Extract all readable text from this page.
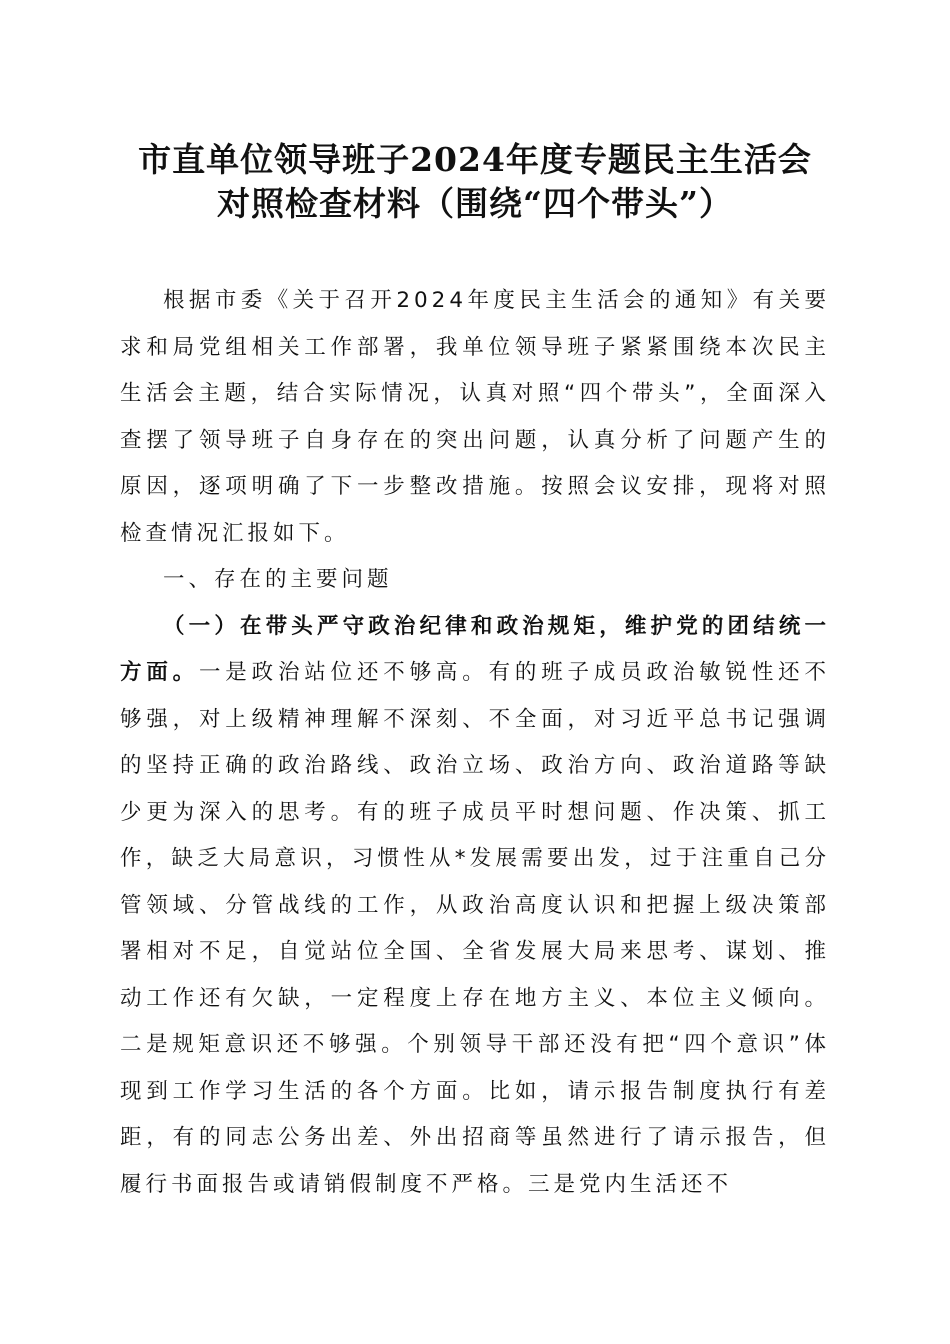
市直单位领导班子2024年度专题民主生活会
对照检查材料（围绕“四个带头”）

根据市委《关于召开2024年度民主生活会的通知》有关要求和局党组相关工作部署，我单位领导班子紧紧围绕本次民主生活会主题，结合实际情况，认真对照“四个带头”，全面深入查摆了领导班子自身存在的突出问题，认真分析了问题产生的原因，逐项明确了下一步整改措施。按照会议安排，现将对照检查情况汇报如下。

一、存在的主要问题

（一）在带头严守政治纪律和政治规矩，维护党的团结统一方面。一是政治站位还不够高。有的班子成员政治敏锐性还不够强，对上级精神理解不深刻、不全面，对习近平总书记强调的坚持正确的政治路线、政治立场、政治方向、政治道路等缺少更为深入的思考。有的班子成员平时想问题、作决策、抓工作，缺乏大局意识，习惯性从*发展需要出发，过于注重自己分管领域、分管战线的工作，从政治高度认识和把握上级决策部署相对不足，自觉站位全国、全省发展大局来思考、谋划、推动工作还有欠缺，一定程度上存在地方主义、本位主义倾向。二是规矩意识还不够强。个别领导干部还没有把“四个意识”体现到工作学习生活的各个方面。比如，请示报告制度执行有差距，有的同志公务出差、外出招商等虽然进行了请示报告，但履行书面报告或请销假制度不严格。三是党内生活还不
